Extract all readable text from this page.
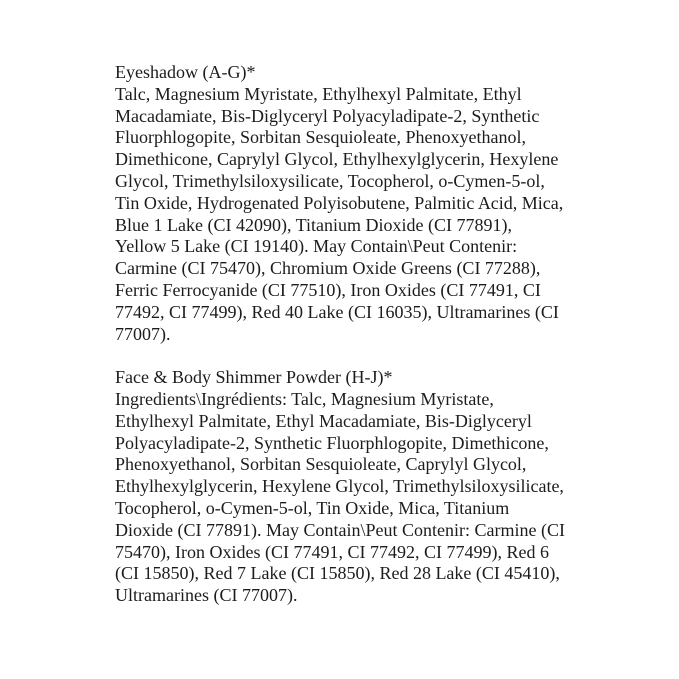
Eyeshadow (A-G)*
Talc, Magnesium Myristate, Ethylhexyl Palmitate, Ethyl
Macadamiate, Bis-Diglyceryl Polyacyladipate-2, Synthetic
Fluorphlogopite, Sorbitan Sesquioleate, Phenoxyethanol,
Dimethicone, Caprylyl Glycol, Ethylhexylglycerin, Hexylene
Glycol, Trimethylsiloxysilicate, Tocopherol, o-Cymen-5-ol,
Tin Oxide, Hydrogenated Polyisobutene, Palmitic Acid, Mica,
Blue 1 Lake (CI 42090), Titanium Dioxide (CI 77891),
Yellow 5 Lake (CI 19140). May Contain\Peut Contenir:
Carmine (CI 75470), Chromium Oxide Greens (CI 77288),
Ferric Ferrocyanide (CI 77510), Iron Oxides (CI 77491, CI
77492, CI 77499), Red 40 Lake (CI 16035), Ultramarines (CI
77007).
Face & Body Shimmer Powder (H-J)*
Ingredients\Ingrédients: Talc, Magnesium Myristate,
Ethylhexyl Palmitate, Ethyl Macadamiate, Bis-Diglyceryl
Polyacyladipate-2, Synthetic Fluorphlogopite, Dimethicone,
Phenoxyethanol, Sorbitan Sesquioleate, Caprylyl Glycol,
Ethylhexylglycerin, Hexylene Glycol, Trimethylsiloxysilicate,
Tocopherol, o-Cymen-5-ol, Tin Oxide, Mica, Titanium
Dioxide (CI 77891). May Contain\Peut Contenir: Carmine (CI
75470), Iron Oxides (CI 77491, CI 77492, CI 77499), Red 6
(CI 15850), Red 7 Lake (CI 15850), Red 28 Lake (CI 45410),
Ultramarines (CI 77007).
